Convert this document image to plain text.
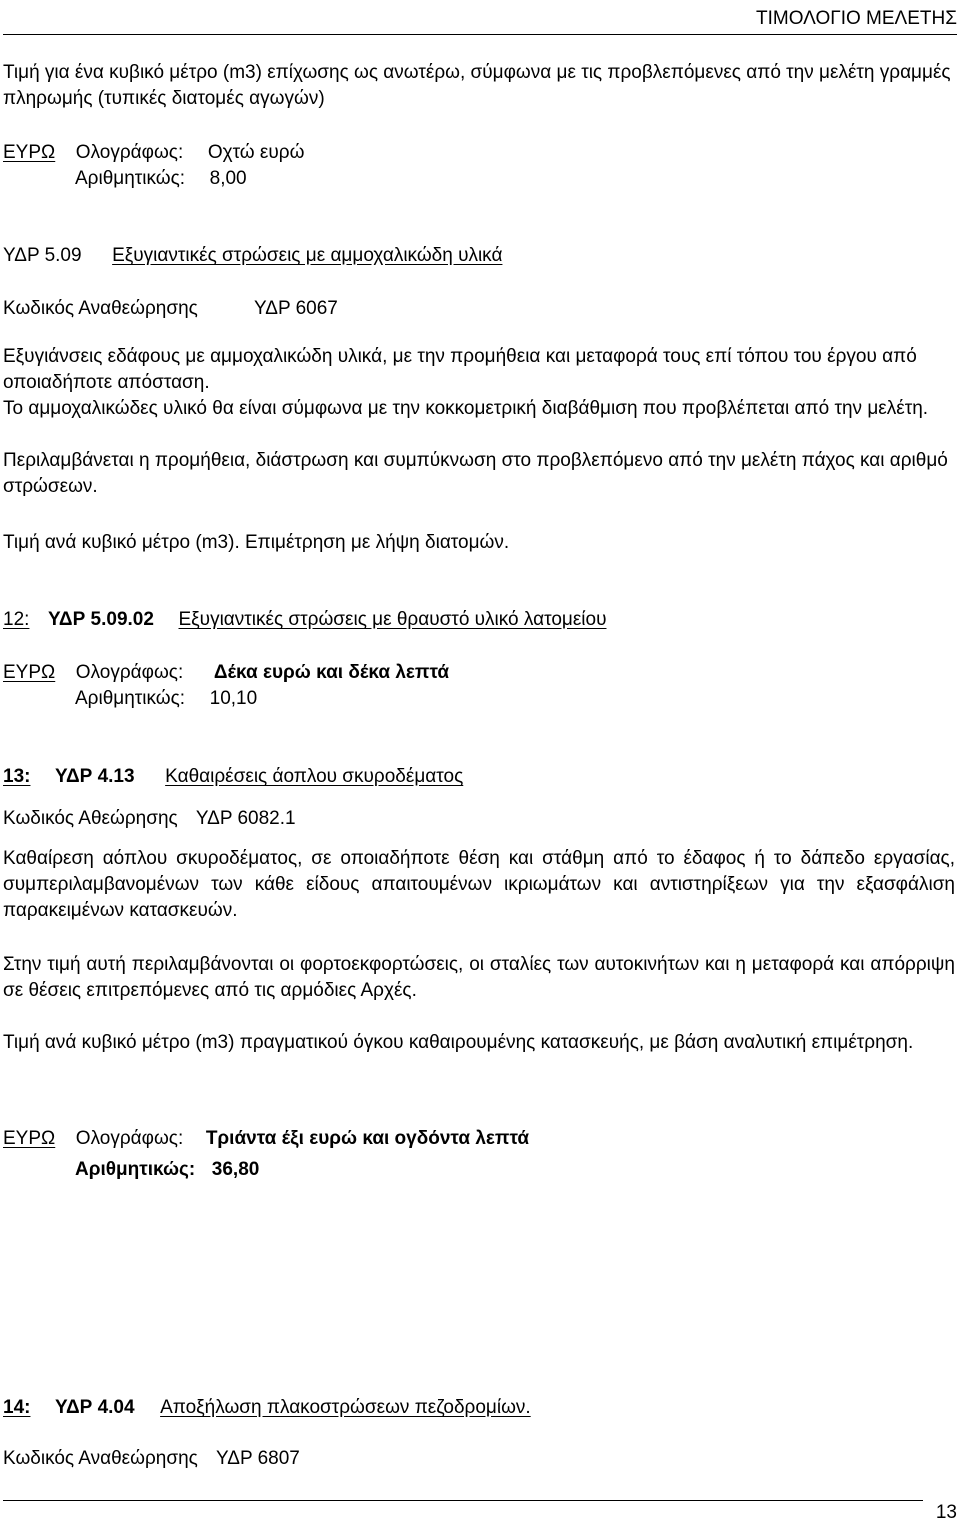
ΤΙΜΟΛΟΓΙΟ ΜΕΛΕΤΗΣ

Τιμή για ένα κυβικό μέτρο (m3) επίχωσης ως ανωτέρω, σύμφωνα με τις προβλεπόμενες από την μελέτη γραμμές πληρωμής (τυπικές διατομές αγωγών)

ΕΥΡΩ Ολογράφως: Οχτώ ευρώ
Αριθμητικώς: 8,00
ΥΔΡ 5.09 Εξυγιαντικές στρώσεις με αμμοχαλικώδη υλικά
Κωδικός Αναθεώρησης	ΥΔΡ 6067

Εξυγιάνσεις εδάφους με αμμοχαλικώδη υλικά, με την προμήθεια και μεταφορά τους επί τόπου του έργου από οποιαδήποτε απόσταση.

Το αμμοχαλικώδες υλικό θα είναι σύμφωνα με την κοκκομετρική διαβάθμιση που προβλέπεται από την μελέτη.

Περιλαμβάνεται η προμήθεια, διάστρωση και συμπύκνωση στο προβλεπόμενο από την μελέτη πάχος και αριθμό στρώσεων.

Τιμή ανά κυβικό μέτρο (m3). Επιμέτρηση με λήψη διατομών.

12: ΥΔΡ 5.09.02 Εξυγιαντικές στρώσεις με θραυστό υλικό λατομείου
ΕΥΡΩ Ολογράφως: Δέκα ευρώ και δέκα λεπτά
Αριθμητικώς: 10,10
13: ΥΔΡ 4.13 Καθαιρέσεις άοπλου σκυροδέματος
Κωδικός Αθεώρησης ΥΔΡ 6082.1

Καθαίρεση αόπλου σκυροδέματος, σε οποιαδήποτε θέση και στάθμη από το έδαφος ή το δάπεδο εργασίας, συμπεριλαμβανομένων των κάθε είδους απαιτουμένων ικριωμάτων και αντιστηρίξεων για την εξασφάλιση παρακειμένων κατασκευών.

Στην τιμή αυτή περιλαμβάνονται οι φορτοεκφορτώσεις, οι σταλίες των αυτοκινήτων και η μεταφορά και απόρριψη σε θέσεις επιτρεπόμενες από τις αρμόδιες Αρχές.

Τιμή ανά κυβικό μέτρο (m3) πραγματικού όγκου καθαιρουμένης κατασκευής, με βάση αναλυτική επιμέτρηση.

ΕΥΡΩ Ολογράφως: Τριάντα έξι ευρώ και ογδόντα λεπτά
Αριθμητικώς: 36,80
14: ΥΔΡ 4.04 Αποξήλωση πλακοστρώσεων πεζοδρομίων.
Κωδικός Αναθεώρησης ΥΔΡ 6807
13
